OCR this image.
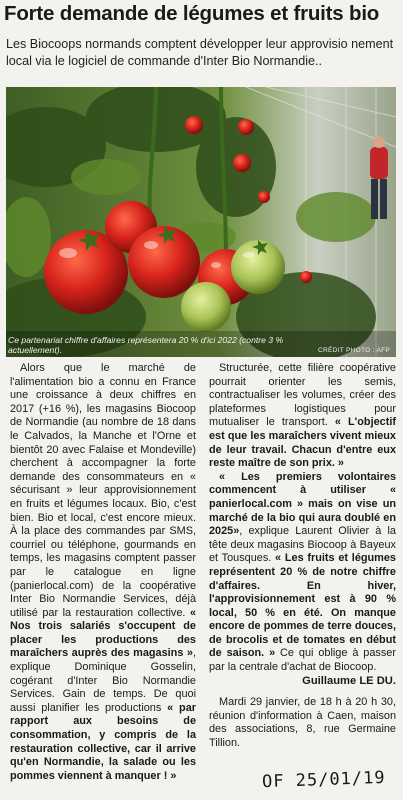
Forte demande de légumes et fruits bio
Les Biocoops normands comptent développer leur approvisio nement local via le logiciel de commande d'Inter Bio Normandie..
Ce partenariat chiffre d'affaires représentera 20 % d'ici 2022 (contre 3 % actuellement).	CRÉDIT PHOTO : AFP

Alors que le marché de l'alimentation bio a connu en France une croissance à deux chiffres en 2017 (+16 %), les magasins Biocoop de Normandie (au nombre de 18 dans le Calvados, la Manche et l'Orne et bientôt 20 avec Falaise et Mondeville) cherchent à accompagner la forte demande des consommateurs en « sécurisant » leur approvisionnement en fruits et légumes locaux. Bio, c'est bien. Bio et local, c'est encore mieux. À la place des commandes par SMS, courriel ou téléphone, gourmands en temps, les magasins comptent passer par le catalogue en ligne (panierlocal.com) de la coopérative Inter Bio Normandie Services, déjà utilisé par la restauration collective. « Nos trois salariés s'occupent de placer les productions des maraîchers auprès des magasins », explique Dominique Gosselin, cogérant d'Inter Bio Normandie Services. Gain de temps. De quoi aussi planifier les productions « par rapport aux besoins de consommation, y compris de la restauration collective, car il arrive qu'en Normandie, la salade ou les pommes viennent à manquer ! »

Structurée, cette filière coopérative pourrait orienter les semis, contractualiser les volumes, créer des plateformes logistiques pour mutualiser le transport. « L'objectif est que les maraîchers vivent mieux de leur travail. Chacun d'entre eux reste maître de son prix. »

« Les premiers volontaires commencent à utiliser « panierlocal.com » mais on vise un marché de la bio qui aura doublé en 2025», explique Laurent Olivier à la tête deux magasins Biocoop à Bayeux et Tousques. « Les fruits et légumes représentent 20 % de notre chiffre d'affaires. En hiver, l'approvisionnement est à 90 % local, 50 % en été. On manque encore de pommes de terre douces, de brocolis et de tomates en début de saison. » Ce qui oblige à passer par la centrale d'achat de Biocoop.

Guillaume LE DU.

Mardi 29 janvier, de 18 h à 20 h 30, réunion d'information à Caen, maison des associations, 8, rue Germaine Tillion.

OF 25/01/19
